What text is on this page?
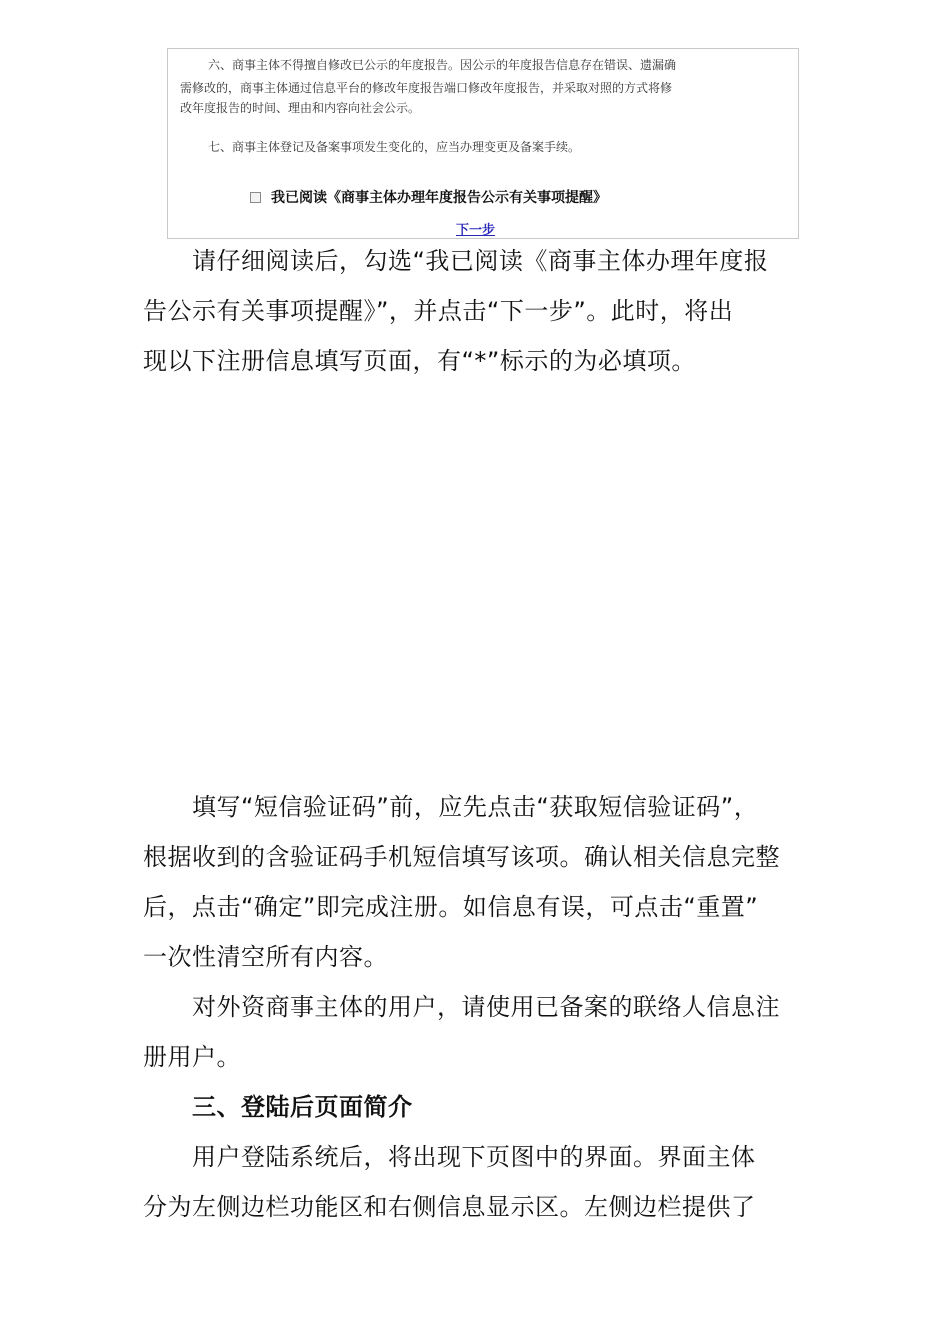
六、商事主体不得擅自修改已公示的年度报告。因公示的年度报告信息存在错误、遗漏确
需修改的，商事主体通过信息平台的修改年度报告端口修改年度报告，并采取对照的方式将修
改年度报告的时间、理由和内容向社会公示。
七、商事主体登记及备案事项发生变化的，应当办理变更及备案手续。
我已阅读《商事主体办理年度报告公示有关事项提醒》
下一步
　　请仔细阅读后，勾选“我已阅读《商事主体办理年度报
告公示有关事项提醒》”，并点击“下一步”。此时，将出
现以下注册信息填写页面，有“*”标示的为必填项。
　　填写“短信验证码”前，应先点击“获取短信验证码”，
根据收到的含验证码手机短信填写该项。确认相关信息完整
后，点击“确定”即完成注册。如信息有误，可点击“重置”
一次性清空所有内容。
　　对外资商事主体的用户，请使用已备案的联络人信息注
册用户。
　　三、登陆后页面简介
　　用户登陆系统后，将出现下页图中的界面。界面主体
分为左侧边栏功能区和右侧信息显示区。左侧边栏提供了
